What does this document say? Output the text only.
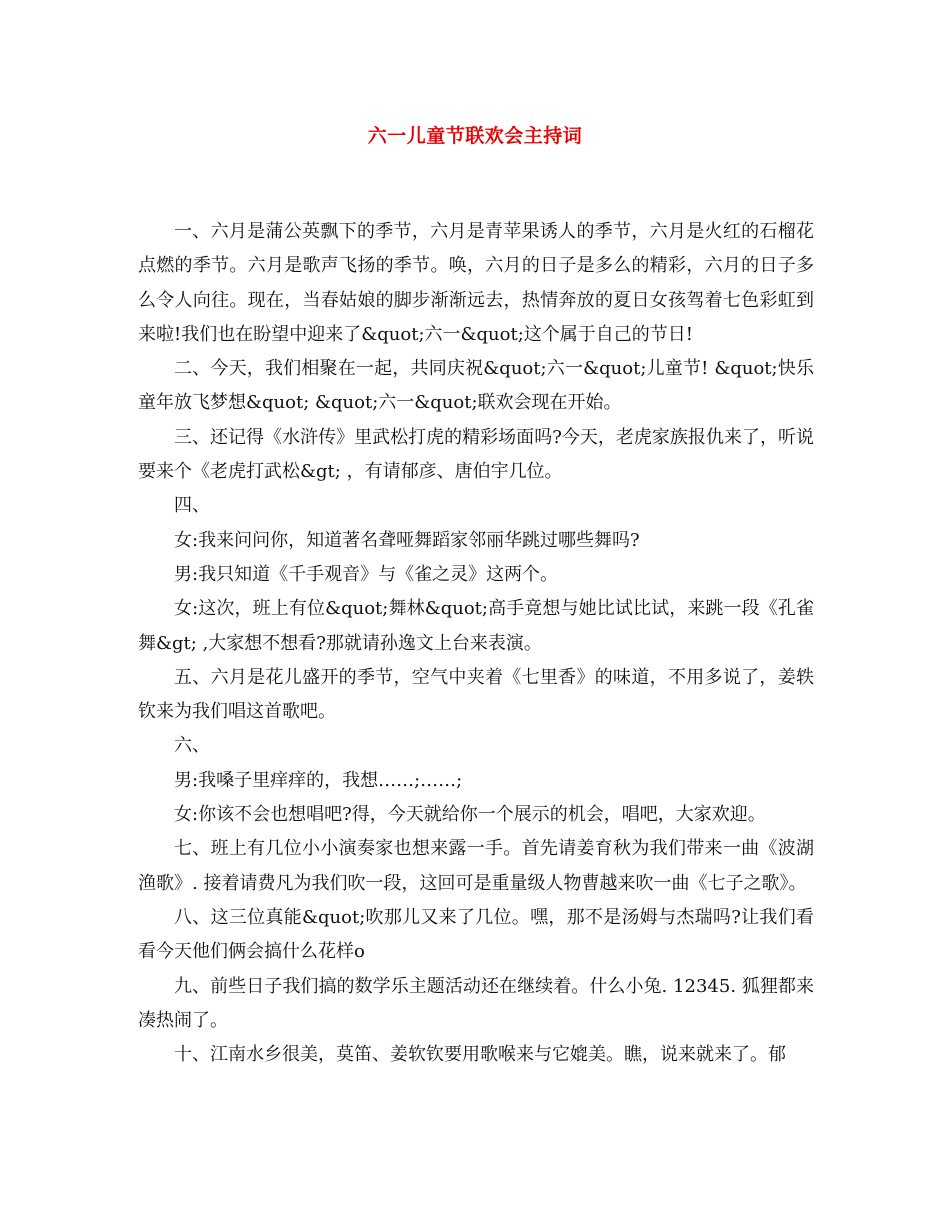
六一儿童节联欢会主持词

一、六月是蒲公英飘下的季节，六月是青苹果诱人的季节，六月是火红的石榴花点燃的季节。六月是歌声飞扬的季节。唤，六月的日子是多么的精彩，六月的日子多么令人向往。现在，当春姑娘的脚步渐渐远去，热情奔放的夏日女孩驾着七色彩虹到来啦!我们也在盼望中迎来了&quot;六一&quot;这个属于自己的节日!

二、今天，我们相聚在一起，共同庆祝&quot;六一&quot;儿童节! &quot;快乐童年放飞梦想&quot; &quot;六一&quot;联欢会现在开始。

三、还记得《水浒传》里武松打虎的精彩场面吗?今天，老虎家族报仇来了，听说要来个《老虎打武松&gt; ，有请郁彦、唐伯宇几位。

四、

女:我来问问你，知道著名聋哑舞蹈家邻丽华跳过哪些舞吗?

男:我只知道《千手观音》与《雀之灵》这两个。

女:这次，班上有位&quot;舞林&quot;高手竟想与她比试比试，来跳一段《孔雀舞&gt; ,大家想不想看?那就请孙逸文上台来表演。

五、六月是花儿盛开的季节，空气中夹着《七里香》的味道，不用多说了，姜轶钦来为我们唱这首歌吧。

六、

男:我嗓子里痒痒的，我想……;……;

女:你该不会也想唱吧?得，今天就给你一个展示的机会，唱吧，大家欢迎。

七、班上有几位小小演奏家也想来露一手。首先请姜育秋为我们带来一曲《波湖渔歌》. 接着请费凡为我们吹一段，这回可是重量级人物曹越来吹一曲《七子之歌》。

八、这三位真能&quot;吹那儿又来了几位。嘿，那不是汤姆与杰瑞吗?让我们看看今天他们俩会搞什么花样o

九、前些日子我们搞的数学乐主题活动还在继续着。什么小兔. 12345. 狐狸都来凑热闹了。

十、江南水乡很美，莫笛、姜软钦要用歌喉来与它媲美。瞧，说来就来了。郁
